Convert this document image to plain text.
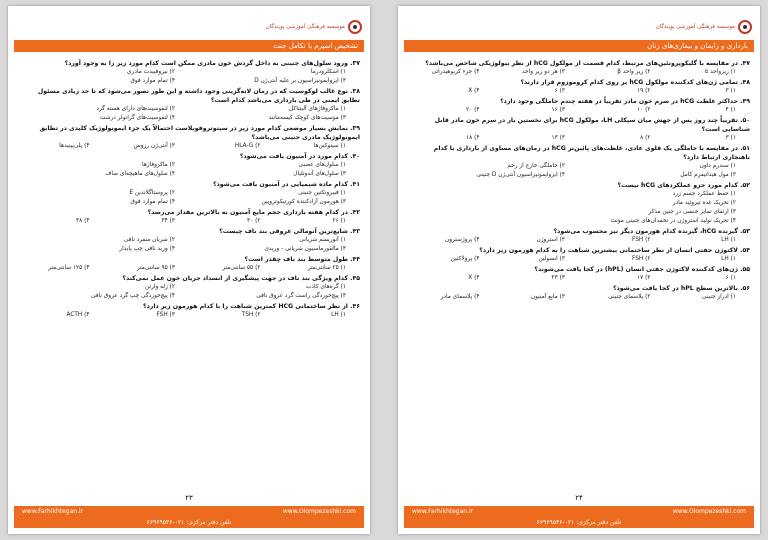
موسسه فرهنگی آموزشی پویندگان
تشخیص اسپرم با تکامل جنت
۳۷. ورود سلول‌های جنینی به داخل گردش خون مادری ممکن است کدام مورد زیر را به وجود آورد؟
۱) اسکلرودرما
۲) نیروفیبدت مادری
۳) ایزوایمونیزاسیون بر علیه آنتی‌ژن D
۴) تمام موارد فوق
۳۸. نوع غالب لوکوسیت که در زمان لانه‌گزینی وجود داشته و این طور تصور می‌شود که تا حد زیادی مسئول تطابق ایمنی در طی بارداری می‌باشد کدام است؟
۱) ماکروفاژهای آلینتاکل
۲) لنفوسیت‌های دارای هسته گرد
۳) موسیت‌های کوچک کیسه‌مانند
۴) لنفوسیت‌های گرانولر درشت
۳۹. نمایش بسیار موضعی کدام مورد زیر در سیتوتروفوبلاست احتمالاً یک جزء ایمونولوژیک کلیدی در تطابق ایمونولوژیک مادری جنینی می‌باشد؟
۱) سیتوکین‌ها
۲) HLA-G
۳) آنتی‌ژن رزوس
۴) پلی‌پپتیدها
۴۰. کدام مورد در آمنیون یافت می‌شود؟
۱) سلول‌های عصبی
۲) ماکروفاژها
۳) سلول‌های آندوتلیال
۴) سلول‌های ماهیچه‌ای صاف
۴۱. کدام ماده شیمیایی در آمنیون یافت می‌شود؟
۱) فیبرونکتین جنینی
۲) پروستاگلاندین E
۳) هورمون آزادکننده کورتیکوتروپین
۴) تمام موارد فوق
۴۲. در کدام هفته بارداری حجم مایع آمنیون به بالاترین مقدار می‌رسد؟
۱) ۲۶
۲) ۳۰
۳) ۳۴
۴) ۳۸
۴۳. شایع‌ترین آنومالی عروقی بند ناف چیست؟
۱) آنوریسم شریانی
۲) شریان منفرد نافی
۳) مالفورماسیون شریانی - وریدی
۴) ورید نافی چپ پایدار
۴۴. طول متوسط بند ناف چقدر است؟
۱) ۲۵ سانتی‌متر
۲) ۵۵ سانتی‌متر
۳) ۹۵ سانتی‌متر
۴) ۱۲۵ سانتی‌متر
۴۵. کدام ویژگی بند ناف در جهت پیشگیری از انسداد جریان خون عمل نمی‌کند؟
۱) گره‌های کاذب
۲) ژله وارتن
۳) پیچ‌خوردگی راست گرد عروق نافی
۴) پیچ‌خوردگی چپ گرد عروق نافی
۴۶. از نظر ساختمانی HCG کمترین شباهت را با کدام هورمون زیر دارد؟
۱) LH
۲) TSH
۳) FSH
۴) ACTH
۲۳
www.Farhikhtegan.ir	www.Olompezeshki.com
تلفن دفتر مرکزی: ۰۲۱-۶۶۹۶۹۵۳۶
موسسه فرهنگی آموزشی پویندگان
بارداری و زایمان و بیماری‌های زنان
۴۷. در مقایسه با گلیکوپروتئین‌های مرتبط، کدام قسمت از مولکول hCG از نظر بیولوژیکی شاخص می‌باشد؟
۱) زیرواحد α
۲) زیر واحد β
۳) هر دو زیر واحد
۴) جزء کربوهیدراتی
۴۸. تمامی ژن‌های کدکننده مولکول hCG بر روی کدام کروموزوم قرار دارند؟
۱) ۳
۲) ۱۹
۳) ۶
۴) X
۴۹. حداکثر غلظت hCG در سرم خون مادر تقریباً در هفته چندم حاملگی وجود دارد؟
۱) ۴
۲) ۱۰
۳) ۱۶
۴) ۲۰
۵۰. تقریباً چند روز پس از جهش میان سیکلی LH، مولکول hCG برای نخستین بار در سرم خون مادر قابل شناسایی است؟
۱) ۳
۲) ۸
۳) ۱۳
۴) ۱۸
۵۱. در مقایسه با حاملگی یک قلوی عادی، غلظت‌های پائین‌تر hCG در زمان‌های مساوی از بارداری با کدام ناهنجاری ارتباط دارد؟
۱) سندرم داون
۲) حاملگی خارج از رحم
۳) مول هیداتیفرم کامل
۴) ایزوایمونیزاسیون آنتی‌ژن D جنینی
۵۲. کدام مورد جزو عملکردهای hCG نیست؟
۱) حفظ عملکرد جسم زرد
۲) تحریک غده تیروئید مادر
۳) ارتقای تمایز جنسی در جنین مذکر
۴) تحریک تولید استروژن در تخمدان‌های جنینی مؤنث
۵۳. گیرنده hCG، گیرنده کدام هورمون دیگر نیز محسوب می‌شود؟
۱) LH
۲) FSH
۳) استروژن
۴) پروژسترون
۵۴. لاکتوژن جفتی انسان از نظر ساختمانی بیشترین شباهت را به کدام هورمون زیر دارد؟
۱) LH
۲) FSH
۳) انسولین
۴) پرولاکتین
۵۵. ژن‌های کدکننده لاکتوژن جفتی انسان (hPL) در کجا یافت می‌شوند؟
۱) ۶
۲) ۱۷
۳) ۲۳
۴) X
۵۶. بالاترین سطح hPL در کجا یافت می‌شود؟
۱) ادرار جنینی
۲) پلاسمای جنینی
۳) مایع آمنیون
۴) پلاسمای مادر
۲۴
www.Farhikhtegan.ir	www.Olompezeshki.com
تلفن دفتر مرکزی: ۰۲۱-۶۶۹۶۹۵۳۶
